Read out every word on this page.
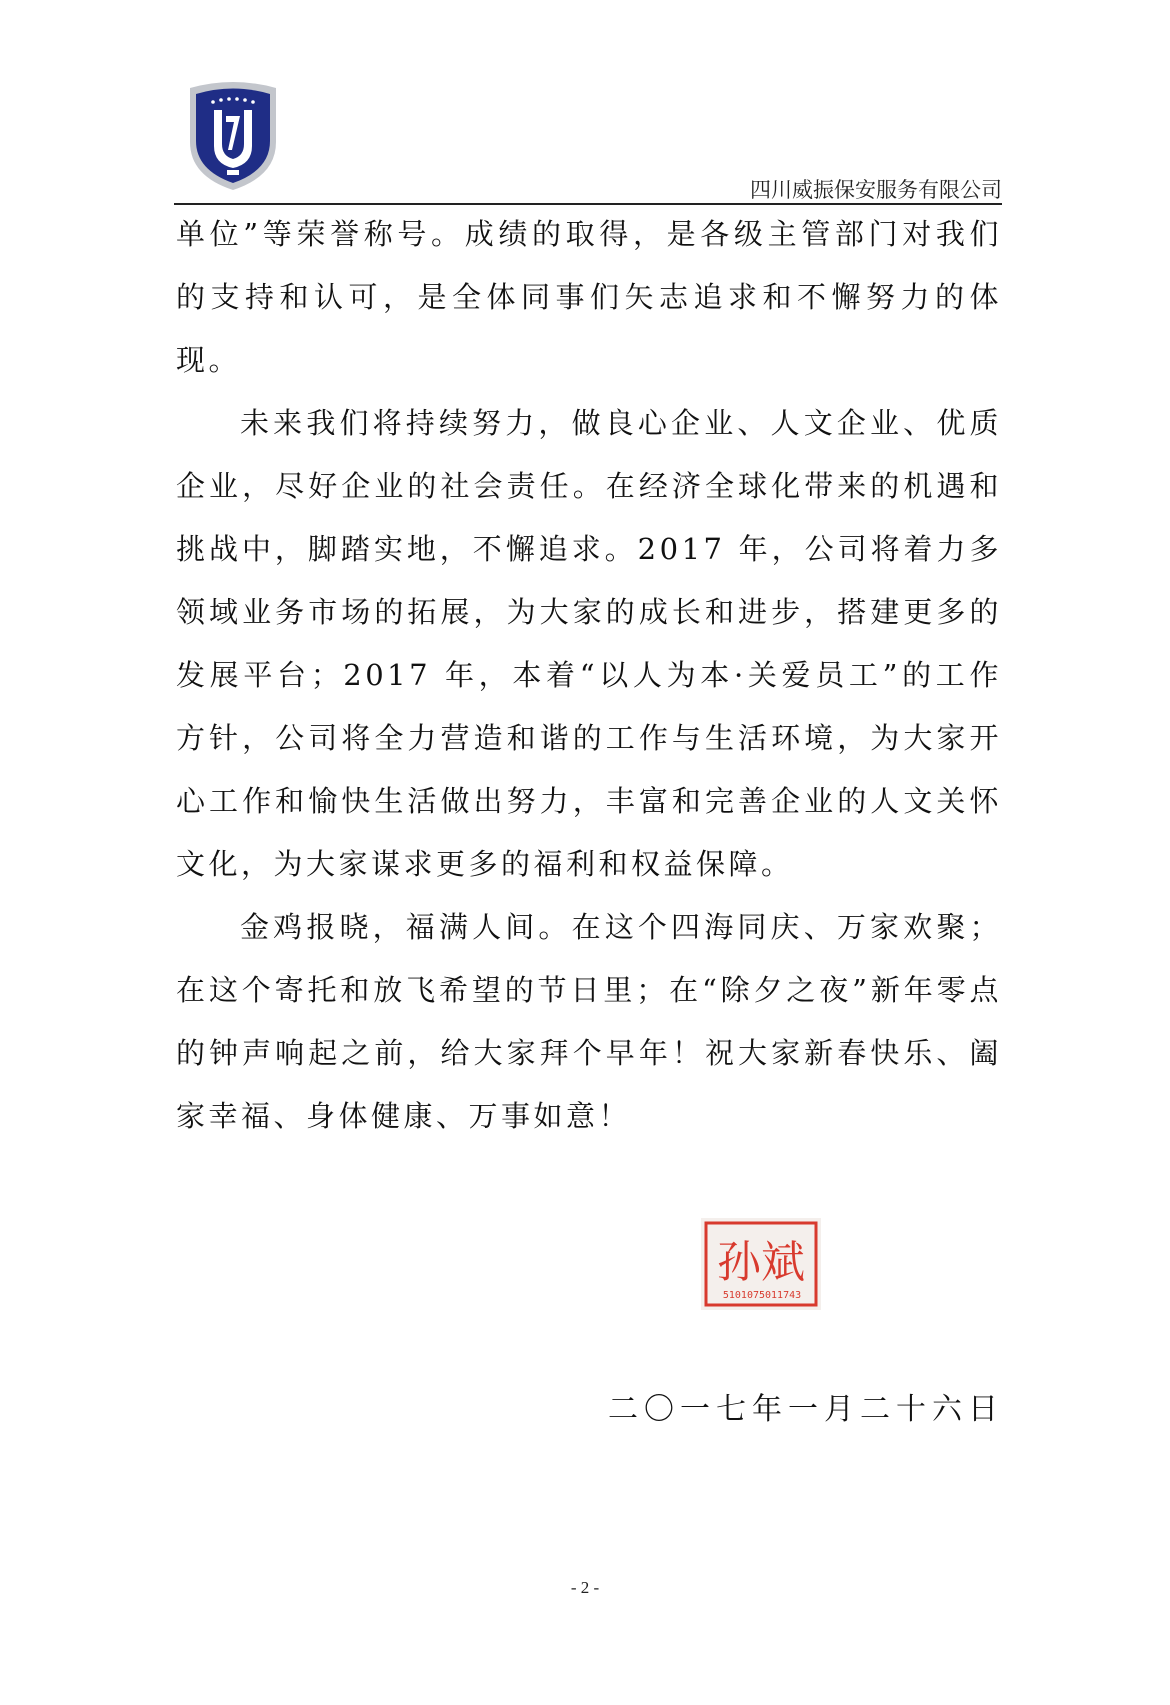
四川威振保安服务有限公司

单位”等荣誉称号。成绩的取得，是各级主管部门对我们的支持和认可，是全体同事们矢志追求和不懈努力的体现。

未来我们将持续努力，做良心企业、人文企业、优质企业，尽好企业的社会责任。在经济全球化带来的机遇和挑战中，脚踏实地，不懈追求。2017 年，公司将着力多领域业务市场的拓展，为大家的成长和进步，搭建更多的发展平台；2017 年，本着“以人为本·关爱员工”的工作方针，公司将全力营造和谐的工作与生活环境，为大家开心工作和愉快生活做出努力，丰富和完善企业的人文关怀文化，为大家谋求更多的福利和权益保障。

金鸡报晓，福满人间。在这个四海同庆、万家欢聚；在这个寄托和放飞希望的节日里；在“除夕之夜”新年零点的钟声响起之前，给大家拜个早年！祝大家新春快乐、阖家幸福、身体健康、万事如意！

孙斌
5101075011743
二〇一七年一月二十六日
- 2 -
